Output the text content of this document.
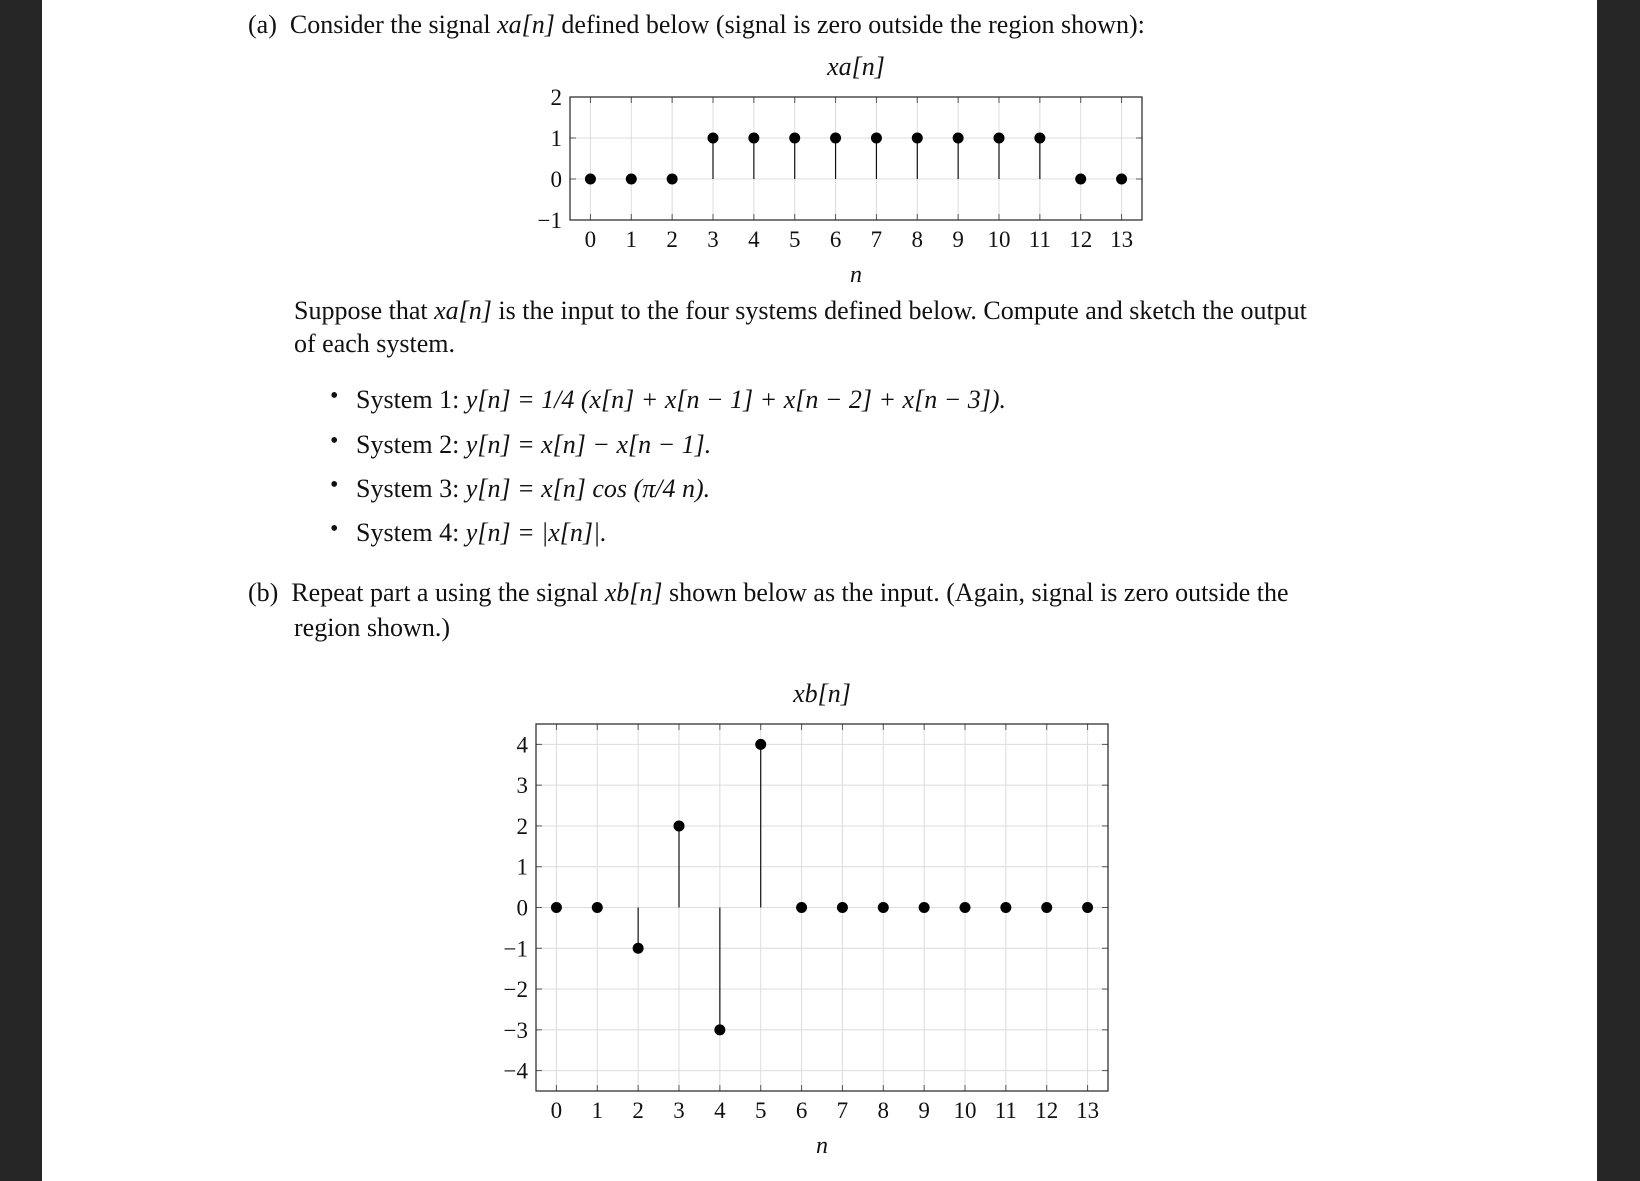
(a) Consider the signal xa[n] defined below (signal is zero outside the region shown):
xa[n]
0 1 2 3 4 5 6 7 8 9 10 11 12 13
2
1
0
−1
n
Suppose that xa[n] is the input to the four systems defined below. Compute and sketch the output
of each system.
• System 1: y[n] = 1/4 (x[n] + x[n − 1] + x[n − 2] + x[n − 3]).
• System 2: y[n] = x[n] − x[n − 1].
• System 3: y[n] = x[n] cos (π/4 n).
• System 4: y[n] = |x[n]|.
(b) Repeat part a using the signal xb[n] shown below as the input. (Again, signal is zero outside the
region shown.)
xb[n]
0 1 2 3 4 5 6 7 8 9 10 11 12 13
4
3
2
1
0
−1
−2
−3
−4
n
